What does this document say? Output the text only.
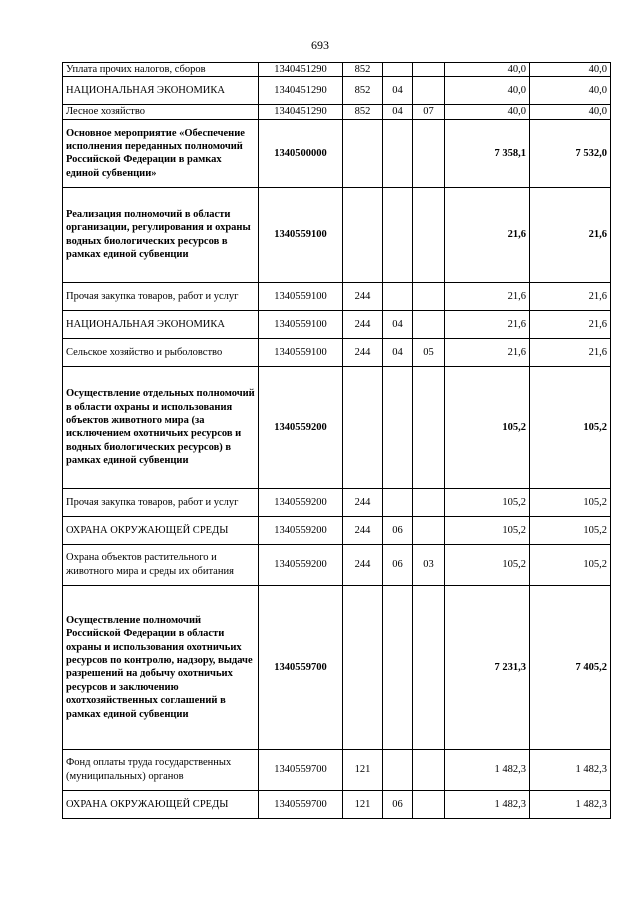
693
Уплата прочих налогов, сборов	1340451290	852			40,0	40,0
НАЦИОНАЛЬНАЯ ЭКОНОМИКА	1340451290	852	04		40,0	40,0
Лесное хозяйство	1340451290	852	04	07	40,0	40,0
Основное мероприятие «Обеспечение исполнения переданных полномочий Российской Федерации в рамках единой субвенции»	1340500000				7 358,1	7 532,0
Реализация полномочий в области организации, регулирования и охраны водных биологических ресурсов в рамках единой субвенции	1340559100				21,6	21,6
Прочая закупка товаров, работ и услуг	1340559100	244			21,6	21,6
НАЦИОНАЛЬНАЯ ЭКОНОМИКА	1340559100	244	04		21,6	21,6
Сельское хозяйство и рыболовство	1340559100	244	04	05	21,6	21,6
Осуществление отдельных полномочий в области охраны и использования объектов животного мира (за исключением охотничьих ресурсов и водных биологических ресурсов) в рамках единой субвенции	1340559200				105,2	105,2
Прочая закупка товаров, работ и услуг	1340559200	244			105,2	105,2
ОХРАНА ОКРУЖАЮЩЕЙ СРЕДЫ	1340559200	244	06		105,2	105,2
Охрана объектов растительного и животного мира и среды их обитания	1340559200	244	06	03	105,2	105,2
Осуществление полномочий Российской Федерации в области охраны и использования охотничьих ресурсов по контролю, надзору, выдаче разрешений на добычу охотничьих ресурсов и заключению охотхозяйственных соглашений в рамках единой субвенции	1340559700				7 231,3	7 405,2
Фонд оплаты труда государственных (муниципальных) органов	1340559700	121			1 482,3	1 482,3
ОХРАНА ОКРУЖАЮЩЕЙ СРЕДЫ	1340559700	121	06		1 482,3	1 482,3
